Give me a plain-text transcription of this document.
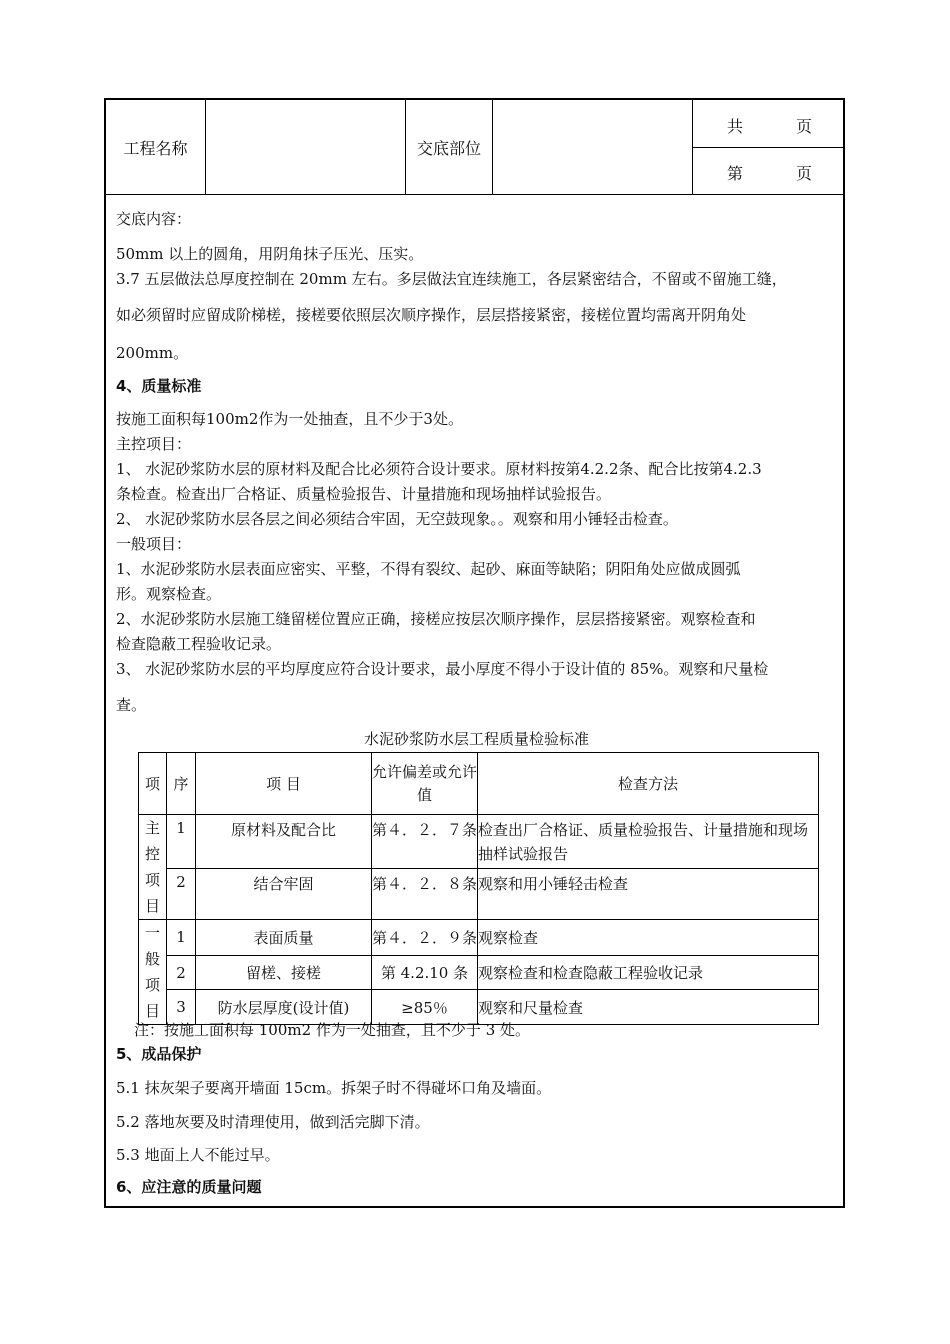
工程名称	交底部位
共	页
第	页
交底内容：
50mm 以上的圆角，用阴角抹子压光、压实。
3.7 五层做法总厚度控制在 20mm 左右。多层做法宜连续施工，各层紧密结合，不留或不留施工缝，
如必须留时应留成阶梯槎，接槎要依照层次顺序操作，层层搭接紧密，接槎位置均需离开阴角处
200mm。
4、质量标准
按施工面积每100m2作为一处抽查，且不少于3处。
主控项目：
1、 水泥砂浆防水层的原材料及配合比必须符合设计要求。原材料按第4.2.2条、配合比按第4.2.3
条检查。检查出厂合格证、质量检验报告、计量措施和现场抽样试验报告。
2、 水泥砂浆防水层各层之间必须结合牢固，无空鼓现象。。观察和用小锤轻击检查。
一般项目：
1、水泥砂浆防水层表面应密实、平整，不得有裂纹、起砂、麻面等缺陷；阴阳角处应做成圆弧
形。观察检查。
2、水泥砂浆防水层施工缝留槎位置应正确，接槎应按层次顺序操作，层层搭接紧密。观察检查和
检查隐蔽工程验收记录。
3、 水泥砂浆防水层的平均厚度应符合设计要求，最小厚度不得小于设计值的 85%。观察和尺量检
查。
水泥砂浆防水层工程质量检验标准
项	序	项 目	允许偏差或允许值	检查方法

主控项目	1	原材料及配合比	第４．２．７条	检查出厂合格证、质量检验报告、计量措施和现场抽样试验报告
	2	结合牢固	第４．２．８条	观察和用小锤轻击检查

一般项目	1	表面质量	第４．２．９条	观察检查
	2	留槎、接槎	第 4.2.10 条	观察检查和检查隐蔽工程验收记录
	3	防水层厚度(设计值)	≥85％	观察和尺量检查
注：按施工面积每 100m2 作为一处抽查，且不少于 3 处。
5、成品保护
5.1 抹灰架子要离开墙面 15cm。拆架子时不得碰坏口角及墙面。
5.2 落地灰要及时清理使用，做到活完脚下清。
5.3 地面上人不能过早。
6、应注意的质量问题
